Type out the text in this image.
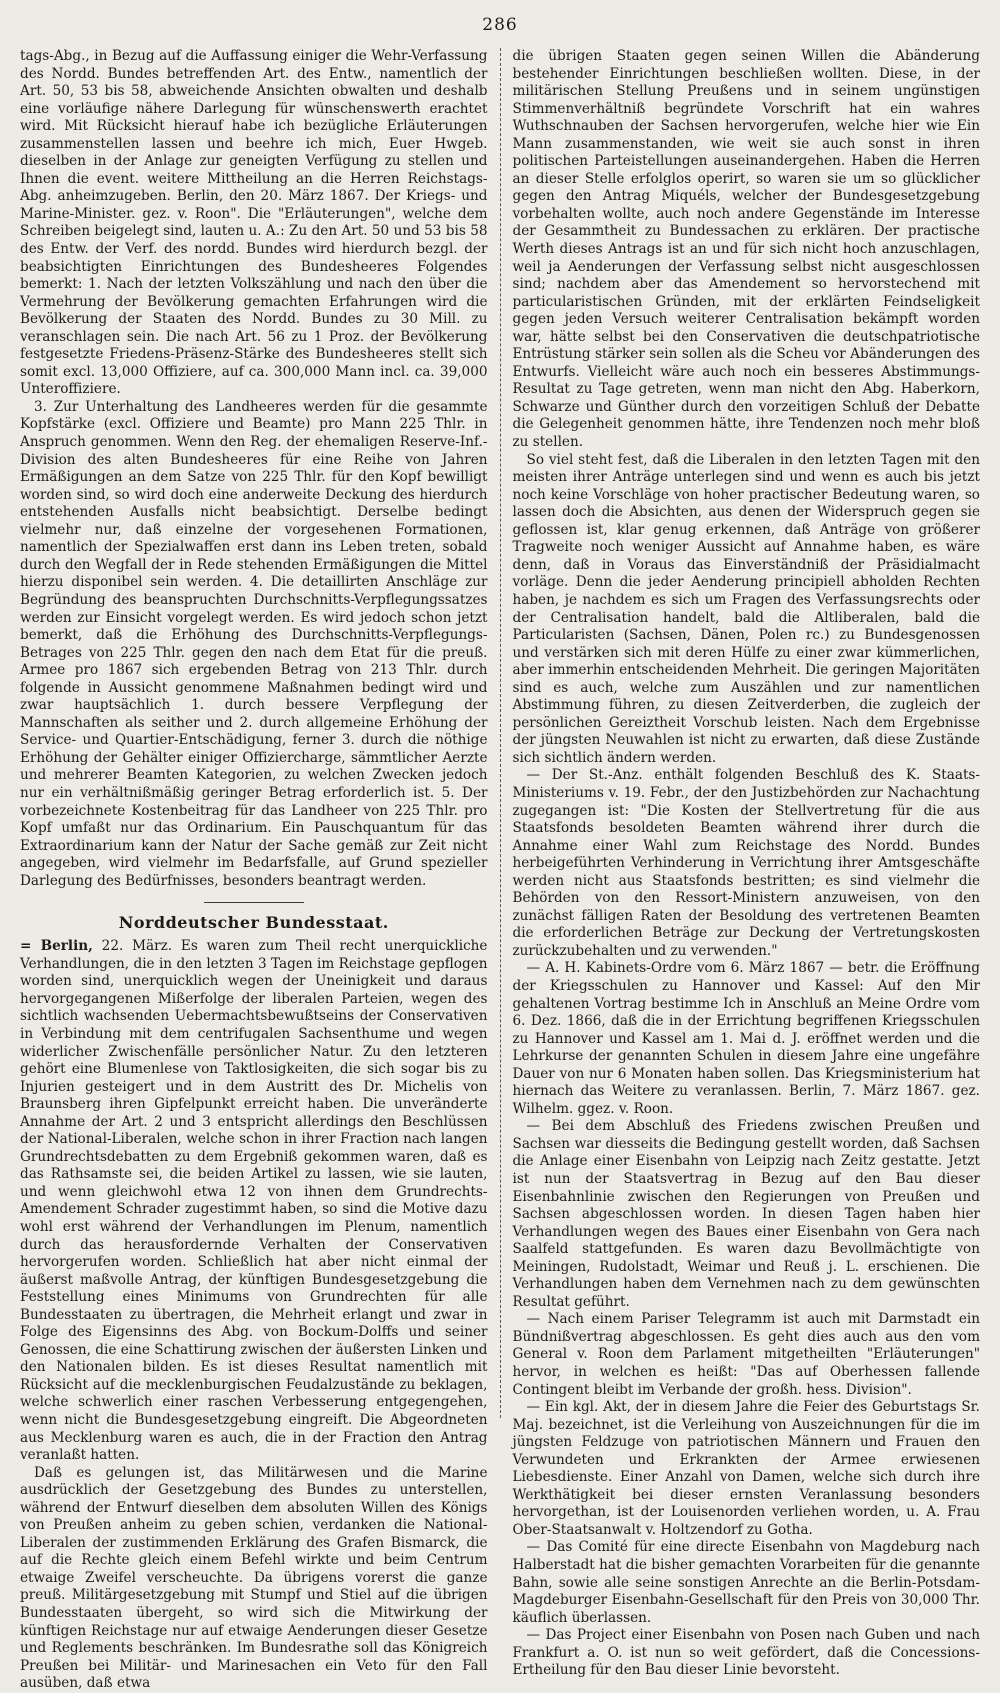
286

tags-Abg., in Bezug auf die Auffassung einiger die Wehr-Verfassung des Nordd. Bundes betreffenden Art. des Entw., namentlich der Art. 50, 53 bis 58, abweichende Ansichten obwalten und deshalb eine vorläufige nähere Darlegung für wünschenswerth erachtet wird. Mit Rücksicht hierauf habe ich bezügliche Erläuterungen zusammenstellen lassen und beehre ich mich, Euer Hwgeb. dieselben in der Anlage zur geneigten Verfügung zu stellen und Ihnen die event. weitere Mittheilung an die Herren Reichstags-Abg. anheimzugeben. Berlin, den 20. März 1867. Der Kriegs- und Marine-Minister. gez. v. Roon". Die "Erläuterungen", welche dem Schreiben beigelegt sind, lauten u. A.: Zu den Art. 50 und 53 bis 58 des Entw. der Verf. des nordd. Bundes wird hierdurch bezgl. der beabsichtigten Einrichtungen des Bundesheeres Folgendes bemerkt: 1. Nach der letzten Volkszählung und nach den über die Vermehrung der Bevölkerung gemachten Erfahrungen wird die Bevölkerung der Staaten des Nordd. Bundes zu 30 Mill. zu veranschlagen sein. Die nach Art. 56 zu 1 Proz. der Bevölkerung festgesetzte Friedens-Präsenz-Stärke des Bundesheeres stellt sich somit excl. 13,000 Offiziere, auf ca. 300,000 Mann incl. ca. 39,000 Unteroffiziere.

3. Zur Unterhaltung des Landheeres werden für die gesammte Kopfstärke (excl. Offiziere und Beamte) pro Mann 225 Thlr. in Anspruch genommen. Wenn den Reg. der ehemaligen Reserve-Inf.-Division des alten Bundesheeres für eine Reihe von Jahren Ermäßigungen an dem Satze von 225 Thlr. für den Kopf bewilligt worden sind, so wird doch eine anderweite Deckung des hierdurch entstehenden Ausfalls nicht beabsichtigt. Derselbe bedingt vielmehr nur, daß einzelne der vorgesehenen Formationen, namentlich der Spezialwaffen erst dann ins Leben treten, sobald durch den Wegfall der in Rede stehenden Ermäßigungen die Mittel hierzu disponibel sein werden. 4. Die detaillirten Anschläge zur Begründung des beanspruchten Durchschnitts-Verpflegungssatzes werden zur Einsicht vorgelegt werden. Es wird jedoch schon jetzt bemerkt, daß die Erhöhung des Durchschnitts-Verpflegungs-Betrages von 225 Thlr. gegen den nach dem Etat für die preuß. Armee pro 1867 sich ergebenden Betrag von 213 Thlr. durch folgende in Aussicht genommene Maßnahmen bedingt wird und zwar hauptsächlich 1. durch bessere Verpflegung der Mannschaften als seither und 2. durch allgemeine Erhöhung der Service- und Quartier-Entschädigung, ferner 3. durch die nöthige Erhöhung der Gehälter einiger Offiziercharge, sämmtlicher Aerzte und mehrerer Beamten Kategorien, zu welchen Zwecken jedoch nur ein verhältnißmäßig geringer Betrag erforderlich ist. 5. Der vorbezeichnete Kostenbeitrag für das Landheer von 225 Thlr. pro Kopf umfaßt nur das Ordinarium. Ein Pauschquantum für das Extraordinarium kann der Natur der Sache gemäß zur Zeit nicht angegeben, wird vielmehr im Bedarfsfalle, auf Grund spezieller Darlegung des Bedürfnisses, besonders beantragt werden.

Norddeutscher Bundesstaat.

= Berlin, 22. März. Es waren zum Theil recht unerquickliche Verhandlungen, die in den letzten 3 Tagen im Reichstage gepflogen worden sind, unerquicklich wegen der Uneinigkeit und daraus hervorgegangenen Mißerfolge der liberalen Parteien, wegen des sichtlich wachsenden Uebermachtsbewußtseins der Conservativen in Verbindung mit dem centrifugalen Sachsenthume und wegen widerlicher Zwischenfälle persönlicher Natur. Zu den letzteren gehört eine Blumenlese von Taktlosigkeiten, die sich sogar bis zu Injurien gesteigert und in dem Austritt des Dr. Michelis von Braunsberg ihren Gipfelpunkt erreicht haben. Die unveränderte Annahme der Art. 2 und 3 entspricht allerdings den Beschlüssen der National-Liberalen, welche schon in ihrer Fraction nach langen Grundrechtsdebatten zu dem Ergebniß gekommen waren, daß es das Rathsamste sei, die beiden Artikel zu lassen, wie sie lauten, und wenn gleichwohl etwa 12 von ihnen dem Grundrechts-Amendement Schrader zugestimmt haben, so sind die Motive dazu wohl erst während der Verhandlungen im Plenum, namentlich durch das herausfordernde Verhalten der Conservativen hervorgerufen worden. Schließlich hat aber nicht einmal der äußerst maßvolle Antrag, der künftigen Bundesgesetzgebung die Feststellung eines Minimums von Grundrechten für alle Bundesstaaten zu übertragen, die Mehrheit erlangt und zwar in Folge des Eigensinns des Abg. von Bockum-Dolffs und seiner Genossen, die eine Schattirung zwischen der äußersten Linken und den Nationalen bilden. Es ist dieses Resultat namentlich mit Rücksicht auf die mecklenburgischen Feudalzustände zu beklagen, welche schwerlich einer raschen Verbesserung entgegengehen, wenn nicht die Bundesgesetzgebung eingreift. Die Abgeordneten aus Mecklenburg waren es auch, die in der Fraction den Antrag veranlaßt hatten.

Daß es gelungen ist, das Militärwesen und die Marine ausdrücklich der Gesetzgebung des Bundes zu unterstellen, während der Entwurf dieselben dem absoluten Willen des Königs von Preußen anheim zu geben schien, verdanken die National-Liberalen der zustimmenden Erklärung des Grafen Bismarck, die auf die Rechte gleich einem Befehl wirkte und beim Centrum etwaige Zweifel verscheuchte. Da übrigens vorerst die ganze preuß. Militärgesetzgebung mit Stumpf und Stiel auf die übrigen Bundesstaaten übergeht, so wird sich die Mitwirkung der künftigen Reichstage nur auf etwaige Aenderungen dieser Gesetze und Reglements beschränken. Im Bundesrathe soll das Königreich Preußen bei Militär- und Marinesachen ein Veto für den Fall ausüben, daß etwa

die übrigen Staaten gegen seinen Willen die Abänderung bestehender Einrichtungen beschließen wollten. Diese, in der militärischen Stellung Preußens und in seinem ungünstigen Stimmenverhältniß begründete Vorschrift hat ein wahres Wuthschnauben der Sachsen hervorgerufen, welche hier wie Ein Mann zusammenstanden, wie weit sie auch sonst in ihren politischen Parteistellungen auseinandergehen. Haben die Herren an dieser Stelle erfolglos operirt, so waren sie um so glücklicher gegen den Antrag Miquéls, welcher der Bundesgesetzgebung vorbehalten wollte, auch noch andere Gegenstände im Interesse der Gesammtheit zu Bundessachen zu erklären. Der practische Werth dieses Antrags ist an und für sich nicht hoch anzuschlagen, weil ja Aenderungen der Verfassung selbst nicht ausgeschlossen sind; nachdem aber das Amendement so hervorstechend mit particularistischen Gründen, mit der erklärten Feindseligkeit gegen jeden Versuch weiterer Centralisation bekämpft worden war, hätte selbst bei den Conservativen die deutschpatriotische Entrüstung stärker sein sollen als die Scheu vor Abänderungen des Entwurfs. Vielleicht wäre auch noch ein besseres Abstimmungs-Resultat zu Tage getreten, wenn man nicht den Abg. Haberkorn, Schwarze und Günther durch den vorzeitigen Schluß der Debatte die Gelegenheit genommen hätte, ihre Tendenzen noch mehr bloß zu stellen.

So viel steht fest, daß die Liberalen in den letzten Tagen mit den meisten ihrer Anträge unterlegen sind und wenn es auch bis jetzt noch keine Vorschläge von hoher practischer Bedeutung waren, so lassen doch die Absichten, aus denen der Widerspruch gegen sie geflossen ist, klar genug erkennen, daß Anträge von größerer Tragweite noch weniger Aussicht auf Annahme haben, es wäre denn, daß in Voraus das Einverständniß der Präsidialmacht vorläge. Denn die jeder Aenderung principiell abholden Rechten haben, je nachdem es sich um Fragen des Verfassungsrechts oder der Centralisation handelt, bald die Altliberalen, bald die Particularisten (Sachsen, Dänen, Polen rc.) zu Bundesgenossen und verstärken sich mit deren Hülfe zu einer zwar kümmerlichen, aber immerhin entscheidenden Mehrheit. Die geringen Majoritäten sind es auch, welche zum Auszählen und zur namentlichen Abstimmung führen, zu diesen Zeitverderben, die zugleich der persönlichen Gereiztheit Vorschub leisten. Nach dem Ergebnisse der jüngsten Neuwahlen ist nicht zu erwarten, daß diese Zustände sich sichtlich ändern werden.

— Der St.-Anz. enthält folgenden Beschluß des K. Staats-Ministeriums v. 19. Febr., der den Justizbehörden zur Nachachtung zugegangen ist: "Die Kosten der Stellvertretung für die aus Staatsfonds besoldeten Beamten während ihrer durch die Annahme einer Wahl zum Reichstage des Nordd. Bundes herbeigeführten Verhinderung in Verrichtung ihrer Amtsgeschäfte werden nicht aus Staatsfonds bestritten; es sind vielmehr die Behörden von den Ressort-Ministern anzuweisen, von den zunächst fälligen Raten der Besoldung des vertretenen Beamten die erforderlichen Beträge zur Deckung der Vertretungskosten zurückzubehalten und zu verwenden."

— A. H. Kabinets-Ordre vom 6. März 1867 — betr. die Eröffnung der Kriegsschulen zu Hannover und Kassel: Auf den Mir gehaltenen Vortrag bestimme Ich in Anschluß an Meine Ordre vom 6. Dez. 1866, daß die in der Errichtung begriffenen Kriegsschulen zu Hannover und Kassel am 1. Mai d. J. eröffnet werden und die Lehrkurse der genannten Schulen in diesem Jahre eine ungefähre Dauer von nur 6 Monaten haben sollen. Das Kriegsministerium hat hiernach das Weitere zu veranlassen. Berlin, 7. März 1867. gez. Wilhelm. ggez. v. Roon.

— Bei dem Abschluß des Friedens zwischen Preußen und Sachsen war diesseits die Bedingung gestellt worden, daß Sachsen die Anlage einer Eisenbahn von Leipzig nach Zeitz gestatte. Jetzt ist nun der Staatsvertrag in Bezug auf den Bau dieser Eisenbahnlinie zwischen den Regierungen von Preußen und Sachsen abgeschlossen worden. In diesen Tagen haben hier Verhandlungen wegen des Baues einer Eisenbahn von Gera nach Saalfeld stattgefunden. Es waren dazu Bevollmächtigte von Meiningen, Rudolstadt, Weimar und Reuß j. L. erschienen. Die Verhandlungen haben dem Vernehmen nach zu dem gewünschten Resultat geführt.

— Nach einem Pariser Telegramm ist auch mit Darmstadt ein Bündnißvertrag abgeschlossen. Es geht dies auch aus den vom General v. Roon dem Parlament mitgetheilten "Erläuterungen" hervor, in welchen es heißt: "Das auf Oberhessen fallende Contingent bleibt im Verbande der großh. hess. Division".

— Ein kgl. Akt, der in diesem Jahre die Feier des Geburtstags Sr. Maj. bezeichnet, ist die Verleihung von Auszeichnungen für die im jüngsten Feldzuge von patriotischen Männern und Frauen den Verwundeten und Erkrankten der Armee erwiesenen Liebesdienste. Einer Anzahl von Damen, welche sich durch ihre Werkthätigkeit bei dieser ernsten Veranlassung besonders hervorgethan, ist der Louisenorden verliehen worden, u. A. Frau Ober-Staatsanwalt v. Holtzendorf zu Gotha.

— Das Comité für eine directe Eisenbahn von Magdeburg nach Halberstadt hat die bisher gemachten Vorarbeiten für die genannte Bahn, sowie alle seine sonstigen Anrechte an die Berlin-Potsdam-Magdeburger Eisenbahn-Gesellschaft für den Preis von 30,000 Thr. käuflich überlassen.

— Das Project einer Eisenbahn von Posen nach Guben und nach Frankfurt a. O. ist nun so weit gefördert, daß die Concessions-Ertheilung für den Bau dieser Linie bevorsteht.
